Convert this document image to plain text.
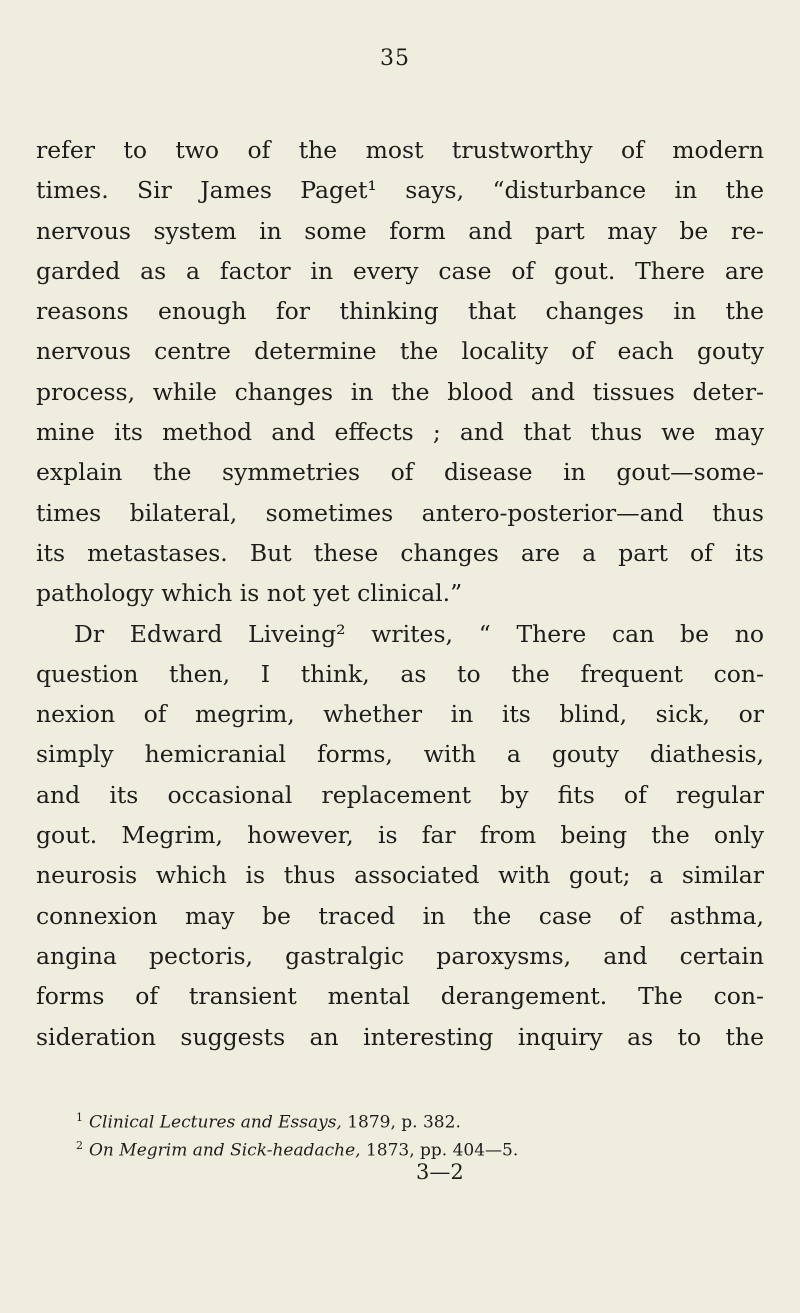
35
refer to two of the most trustworthy of modern
times. Sir James Paget¹ says, “disturbance in the
nervous system in some form and part may be re-
garded as a factor in every case of gout. There are
reasons enough for thinking that changes in the
nervous centre determine the locality of each gouty
process, while changes in the blood and tissues deter-
mine its method and effects ; and that thus we may
explain the symmetries of disease in gout—some-
times bilateral, sometimes antero-posterior—and thus
its metastases. But these changes are a part of its
pathology which is not yet clinical.”
Dr Edward Liveing² writes, “ There can be no
question then, I think, as to the frequent con-
nexion of megrim, whether in its blind, sick, or
simply hemicranial forms, with a gouty diathesis,
and its occasional replacement by fits of regular
gout. Megrim, however, is far from being the only
neurosis which is thus associated with gout; a similar
connexion may be traced in the case of asthma,
angina pectoris, gastralgic paroxysms, and certain
forms of transient mental derangement. The con-
sideration suggests an interesting inquiry as to the
$^1$ Clinical Lectures and Essays, 1879, p. 382.
$^2$ On Megrim and Sick-headache, 1873, pp. 404—5.
3—2
